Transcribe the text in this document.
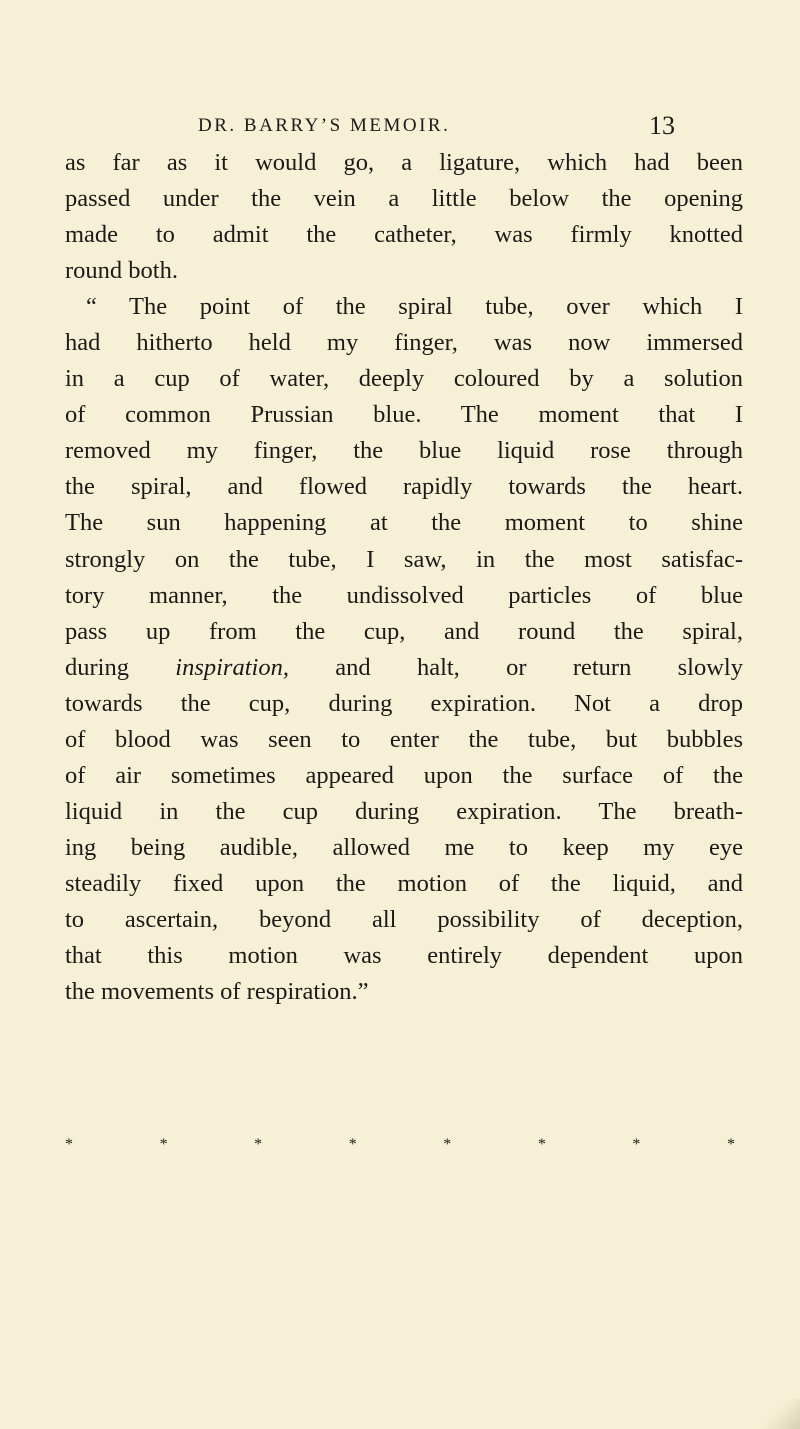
DR. BARRY’S MEMOIR.	13
as far as it would go, a ligature, which had been
passed under the vein a little below the opening
made to admit the catheter, was firmly knotted
round both.
“ The point of the spiral tube, over which I
had hitherto held my finger, was now immersed
in a cup of water, deeply coloured by a solution
of common Prussian blue. The moment that I
removed my finger, the blue liquid rose through
the spiral, and flowed rapidly towards the heart.
The sun happening at the moment to shine
strongly on the tube, I saw, in the most satisfac-
tory manner, the undissolved particles of blue
pass up from the cup, and round the spiral,
during inspiration, and halt, or return slowly
towards the cup, during expiration. Not a drop
of blood was seen to enter the tube, but bubbles
of air sometimes appeared upon the surface of the
liquid in the cup during expiration. The breath-
ing being audible, allowed me to keep my eye
steadily fixed upon the motion of the liquid, and
to ascertain, beyond all possibility of deception,
that this motion was entirely dependent upon
the movements of respiration.”
*	*	*	*	*	*	*	*
